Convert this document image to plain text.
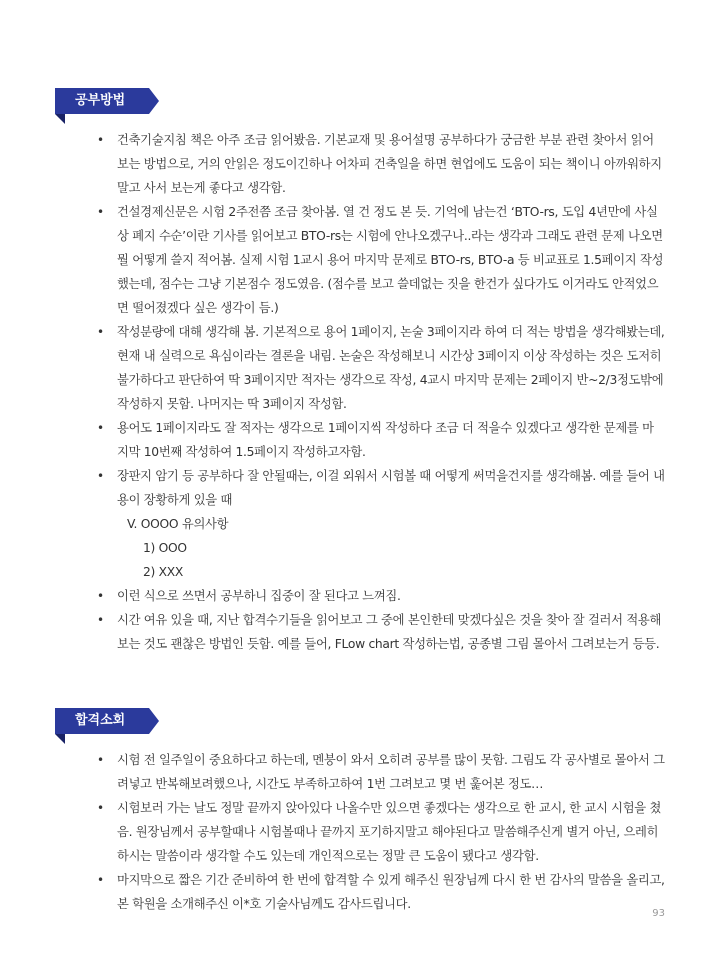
공부방법
• 건축기술지침 책은 아주 조금 읽어봤음. 기본교재 및 용어설명 공부하다가 궁금한 부분 관련 찾아서 읽어보는 방법으로, 거의 안읽은 정도이긴하나 어차피 건축일을 하면 현업에도 도움이 되는 책이니 아까워하지말고 사서 보는게 좋다고 생각함.
• 건설경제신문은 시험 2주전쯤 조금 찾아봄. 열 건 정도 본 듯. 기억에 남는건 ‘BTO-rs, 도입 4년만에 사실상 폐지 수순’이란 기사를 읽어보고 BTO-rs는 시험에 안나오겠구나..라는 생각과 그래도 관련 문제 나오면 뭘 어떻게 쓸지 적어봄. 실제 시험 1교시 용어 마지막 문제로 BTO-rs, BTO-a 등 비교표로 1.5페이지 작성했는데, 점수는 그냥 기본점수 정도였음. (점수를 보고 쓸데없는 짓을 한건가 싶다가도 이거라도 안적었으면 떨어졌겠다 싶은 생각이 듬.)
• 작성분량에 대해 생각해 봄. 기본적으로 용어 1페이지, 논술 3페이지라 하여 더 적는 방법을 생각해봤는데, 현재 내 실력으로 욕심이라는 결론을 내림. 논술은 작성해보니 시간상 3페이지 이상 작성하는 것은 도저히 불가하다고 판단하여 딱 3페이지만 적자는 생각으로 작성, 4교시 마지막 문제는 2페이지 반~2/3정도밖에 작성하지 못함. 나머지는 딱 3페이지 작성함.
• 용어도 1페이지라도 잘 적자는 생각으로 1페이지씩 작성하다 조금 더 적을수 있겠다고 생각한 문제를 마지막 10번째 작성하여 1.5페이지 작성하고자함.
• 장판지 암기 등 공부하다 잘 안될때는, 이걸 외워서 시험볼 때 어떻게 써먹을건지를 생각해봄. 예를 들어 내용이 장황하게 있을 때
V. OOOO 유의사항
1) OOO
2) XXX
• 이런 식으로 쓰면서 공부하니 집중이 잘 된다고 느껴짐.
• 시간 여유 있을 때, 지난 합격수기들을 읽어보고 그 중에 본인한테 맞겠다싶은 것을 찾아 잘 걸러서 적용해보는 것도 괜찮은 방법인 듯함. 예를 들어, FLow chart 작성하는법, 공종별 그림 몰아서 그려보는거 등등.
합격소회
• 시험 전 일주일이 중요하다고 하는데, 멘붕이 와서 오히려 공부를 많이 못함. 그림도 각 공사별로 몰아서 그려넣고 반복해보려했으나, 시간도 부족하고하여 1번 그려보고 몇 번 훑어본 정도…
• 시험보러 가는 날도 정말 끝까지 앉아있다 나올수만 있으면 좋겠다는 생각으로 한 교시, 한 교시 시험을 쳤음. 원장님께서 공부할때나 시험볼때나 끝까지 포기하지말고 해야된다고 말씀해주신게 별거 아닌, 으레히 하시는 말씀이라 생각할 수도 있는데 개인적으로는 정말 큰 도움이 됐다고 생각함.
• 마지막으로 짧은 기간 준비하여 한 번에 합격할 수 있게 해주신 원장님께 다시 한 번 감사의 말씀을 올리고, 본 학원을 소개해주신 이*호 기술사님께도 감사드립니다.
93
